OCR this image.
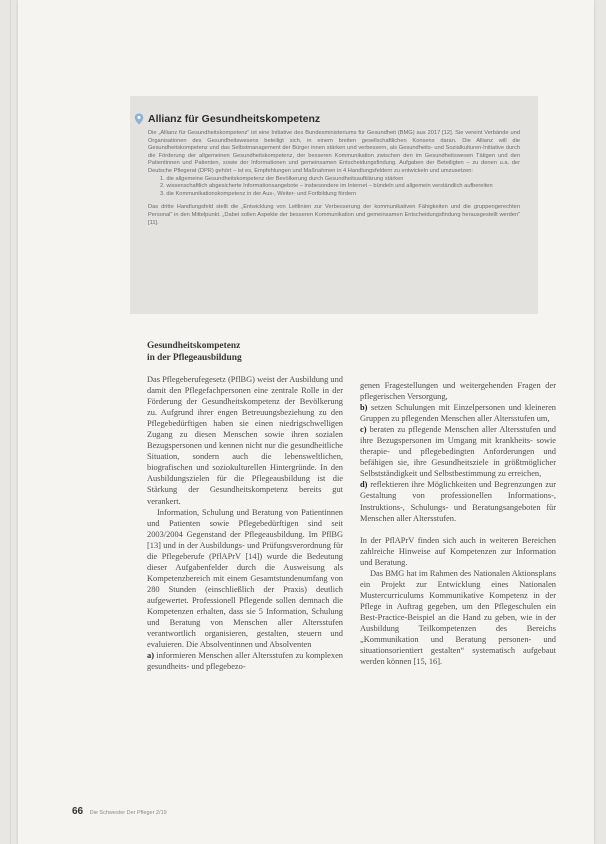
Allianz für Gesundheitskompetenz

Die „Allianz für Gesundheitskompetenz“ ist eine Initiative des Bundesministeriums für Gesundheit (BMG) aus 2017 [12]. Sie vereint Verbände und Organisationen des Gesundheitswesens beteiligt sich, in einem breiten gesellschaftlichen Konsens daran. Die Allianz will die Gesundheitskompetenz und das Selbstmanagement der Bürger innen stärken und verbessern, als Gesundheits- und Sozialkulturen-Initiative durch die Förderung der allgemeinen Gesundheitskompetenz, der besseren Kommunikation zwischen den im Gesundheitswesen Tätigen und den Patientinnen und Patienten, sowie der Informationen und gemeinsamen Entscheidungsfindung. Aufgaben der Beteiligten – zu denen u.a. der Deutsche Pflegerat (DPR) gehört – ist es, Empfehlungen und Maßnahmen in 4 Handlungsfeldern zu entwickeln und umzusetzen:

1. die allgemeine Gesundheitskompetenz der Bevölkerung durch Gesundheitsaufklärung stärken
2. wissenschaftlich abgesicherte Informationsangebote – insbesondere im Internet – bündeln und allgemein verständlich aufbereiten
3. die Kommunikationskompetenz in der Aus-, Weiter- und Fortbildung fördern

Das dritte Handlungsfeld stellt die „Entwicklung von Leitlinien zur Verbesserung der kommunikativen Fähigkeiten und die gruppengerechten Personal“ in den Mittelpunkt. „Dabei sollen Aspekte der besseren Kommunikation und gemeinsamen Entscheidungsfindung herausgestellt werden“ [11].

Gesundheitskompetenz
in der Pflegeausbildung

Das Pflegeberufegesetz (PflBG) weist der Ausbildung und damit den Pflegefachpersonen eine zentrale Rolle in der Förderung der Gesundheitskompetenz der Bevölkerung zu. Aufgrund ihrer engen Betreuungsbeziehung zu den Pflegebedürftigen haben sie einen niedrigschwelligen Zugang zu diesen Menschen sowie ihren sozialen Bezugspersonen und kennen nicht nur die gesundheitliche Situation, sondern auch die lebensweltlichen, biografischen und soziokulturellen Hintergründe. In den Ausbildungszielen für die Pflegeausbildung ist die Stärkung der Gesundheitskompetenz bereits gut verankert.

Information, Schulung und Beratung von Patientinnen und Patienten sowie Pflegebedürftigen sind seit 2003/2004 Gegenstand der Pflegeausbildung. Im PflBG [13] und in der Ausbildungs- und Prüfungsverordnung für die Pflegeberufe (PflAPrV [14]) wurde die Bedeutung dieser Aufgabenfelder durch die Ausweisung als Kompetenzbereich mit einem Gesamtstundenumfang von 280 Stunden (einschließlich der Praxis) deutlich aufgewertet. Professionell Pflegende sollen demnach die Kompetenzen erhalten, dass sie 5 Information, Schulung und Beratung von Menschen aller Altersstufen verantwortlich organisieren, gestalten, steuern und evaluieren. Die Absolventinnen und Absolventen

a) informieren Menschen aller Altersstufen zu komplexen gesundheits- und pflegebezo-

genen Fragestellungen und weitergehenden Fragen der pflegerischen Versorgung,

b) setzen Schulungen mit Einzelpersonen und kleineren Gruppen zu pflegenden Menschen aller Altersstufen um,

c) beraten zu pflegende Menschen aller Altersstufen und ihre Bezugspersonen im Umgang mit krankheits- sowie therapie- und pflegebedingten Anforderungen und befähigen sie, ihre Gesundheitsziele in größtmöglicher Selbstständigkeit und Selbstbestimmung zu erreichen,

d) reflektieren ihre Möglichkeiten und Begrenzungen zur Gestaltung von professionellen Informations-, Instruktions-, Schulungs- und Beratungsangeboten für Menschen aller Altersstufen.

In der PflAPrV finden sich auch in weiteren Bereichen zahlreiche Hinweise auf Kompetenzen zur Information und Beratung.

Das BMG hat im Rahmen des Nationalen Aktionsplans ein Projekt zur Entwicklung eines Nationalen Mustercurriculums Kommunikative Kompetenz in der Pflege in Auftrag gegeben, um den Pflegeschulen ein Best-Practice-Beispiel an die Hand zu geben, wie in der Ausbildung Teilkompetenzen des Bereichs „Kommunikation und Beratung personen- und situationsorientiert gestalten“ systematisch aufgebaut werden können [15, 16].

66 Die Schwester Der Pfleger 2/19
